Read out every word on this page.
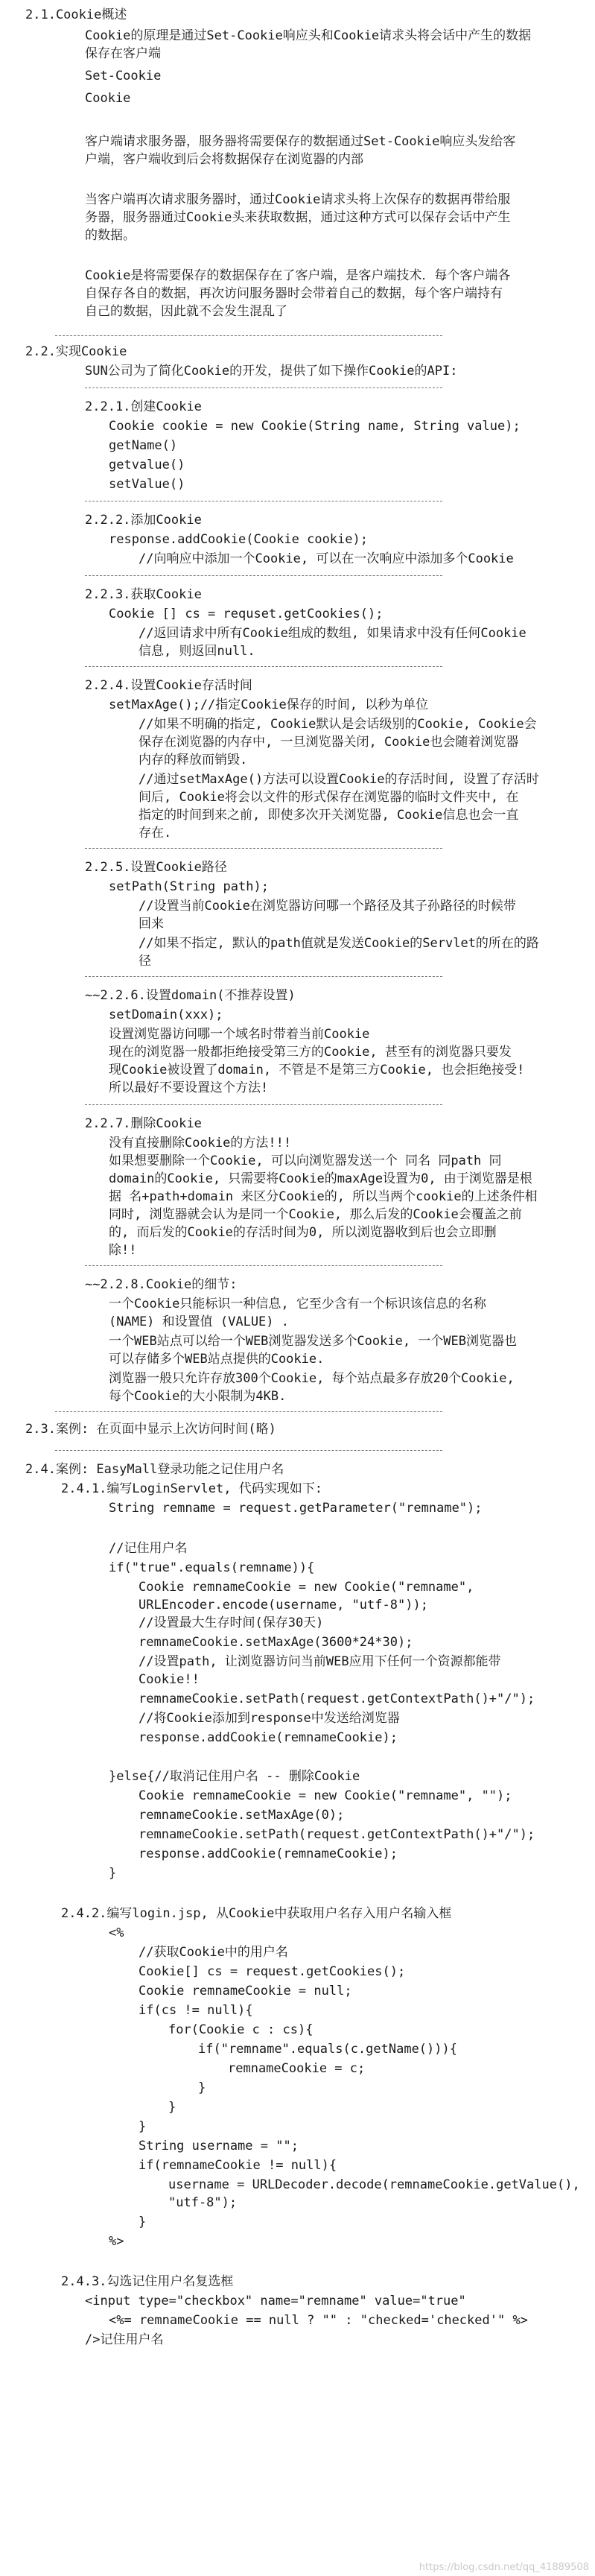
2.1.Cookie概述
Cookie的原理是通过Set-Cookie响应头和Cookie请求头将会话中产生的数据
保存在客户端
Set-Cookie
Cookie
客户端请求服务器，服务器将需要保存的数据通过Set-Cookie响应头发给客
户端，客户端收到后会将数据保存在浏览器的内部
当客户端再次请求服务器时，通过Cookie请求头将上次保存的数据再带给服
务器，服务器通过Cookie头来获取数据，通过这种方式可以保存会话中产生
的数据。
Cookie是将需要保存的数据保存在了客户端，是客户端技术．每个客户端各
自保存各自的数据，再次访问服务器时会带着自己的数据，每个客户端持有
自己的数据，因此就不会发生混乱了
2.2.实现Cookie
SUN公司为了简化Cookie的开发，提供了如下操作Cookie的API:
2.2.1.创建Cookie
Cookie cookie = new Cookie(String name, String value);
getName()
getvalue()
setValue()
2.2.2.添加Cookie
response.addCookie(Cookie cookie);
//向响应中添加一个Cookie, 可以在一次响应中添加多个Cookie
2.2.3.获取Cookie
Cookie [] cs = requset.getCookies();
//返回请求中所有Cookie组成的数组, 如果请求中没有任何Cookie
信息, 则返回null.
2.2.4.设置Cookie存活时间
setMaxAge();//指定Cookie保存的时间, 以秒为单位
//如果不明确的指定, Cookie默认是会话级别的Cookie, Cookie会
保存在浏览器的内存中, 一旦浏览器关闭, Cookie也会随着浏览器
内存的释放而销毁.
//通过setMaxAge()方法可以设置Cookie的存活时间, 设置了存活时
间后, Cookie将会以文件的形式保存在浏览器的临时文件夹中, 在
指定的时间到来之前, 即使多次开关浏览器, Cookie信息也会一直
存在.
2.2.5.设置Cookie路径
setPath(String path);
//设置当前Cookie在浏览器访问哪一个路径及其子孙路径的时候带
回来
//如果不指定, 默认的path值就是发送Cookie的Servlet的所在的路
径
~~2.2.6.设置domain(不推荐设置)
setDomain(xxx);
设置浏览器访问哪一个域名时带着当前Cookie
现在的浏览器一般都拒绝接受第三方的Cookie, 甚至有的浏览器只要发
现Cookie被设置了domain, 不管是不是第三方Cookie, 也会拒绝接受!
所以最好不要设置这个方法!
2.2.7.删除Cookie
没有直接删除Cookie的方法!!!
如果想要删除一个Cookie, 可以向浏览器发送一个 同名 同path 同
domain的Cookie, 只需要将Cookie的maxAge设置为0, 由于浏览器是根
据 名+path+domain 来区分Cookie的, 所以当两个cookie的上述条件相
同时, 浏览器就会认为是同一个Cookie, 那么后发的Cookie会覆盖之前
的, 而后发的Cookie的存活时间为0, 所以浏览器收到后也会立即删
除!!
~~2.2.8.Cookie的细节:
一个Cookie只能标识一种信息, 它至少含有一个标识该信息的名称
(NAME) 和设置值 (VALUE) .
一个WEB站点可以给一个WEB浏览器发送多个Cookie, 一个WEB浏览器也
可以存储多个WEB站点提供的Cookie.
浏览器一般只允许存放300个Cookie, 每个站点最多存放20个Cookie,
每个Cookie的大小限制为4KB.
2.3.案例: 在页面中显示上次访问时间(略)
2.4.案例: EasyMall登录功能之记住用户名
2.4.1.编写LoginServlet, 代码实现如下:
String remname = request.getParameter("remname");
//记住用户名
if("true".equals(remname)){
Cookie remnameCookie = new Cookie("remname",
URLEncoder.encode(username, "utf-8"));
//设置最大生存时间(保存30天)
remnameCookie.setMaxAge(3600*24*30);
//设置path, 让浏览器访问当前WEB应用下任何一个资源都能带
Cookie!!
remnameCookie.setPath(request.getContextPath()+"/");
//将Cookie添加到response中发送给浏览器
response.addCookie(remnameCookie);
}else{//取消记住用户名 -- 删除Cookie
Cookie remnameCookie = new Cookie("remname", "");
remnameCookie.setMaxAge(0);
remnameCookie.setPath(request.getContextPath()+"/");
response.addCookie(remnameCookie);
}
2.4.2.编写login.jsp, 从Cookie中获取用户名存入用户名输入框
<%
//获取Cookie中的用户名
Cookie[] cs = request.getCookies();
Cookie remnameCookie = null;
if(cs != null){
for(Cookie c : cs){
if("remname".equals(c.getName())){
remnameCookie = c;
}
}
}
String username = "";
if(remnameCookie != null){
username = URLDecoder.decode(remnameCookie.getValue(),
"utf-8");
}
%>
2.4.3.勾选记住用户名复选框
<input type="checkbox" name="remname" value="true"
<%= remnameCookie == null ? "" : "checked='checked'" %>
/>记住用户名
https://blog.csdn.net/qq_41889508
